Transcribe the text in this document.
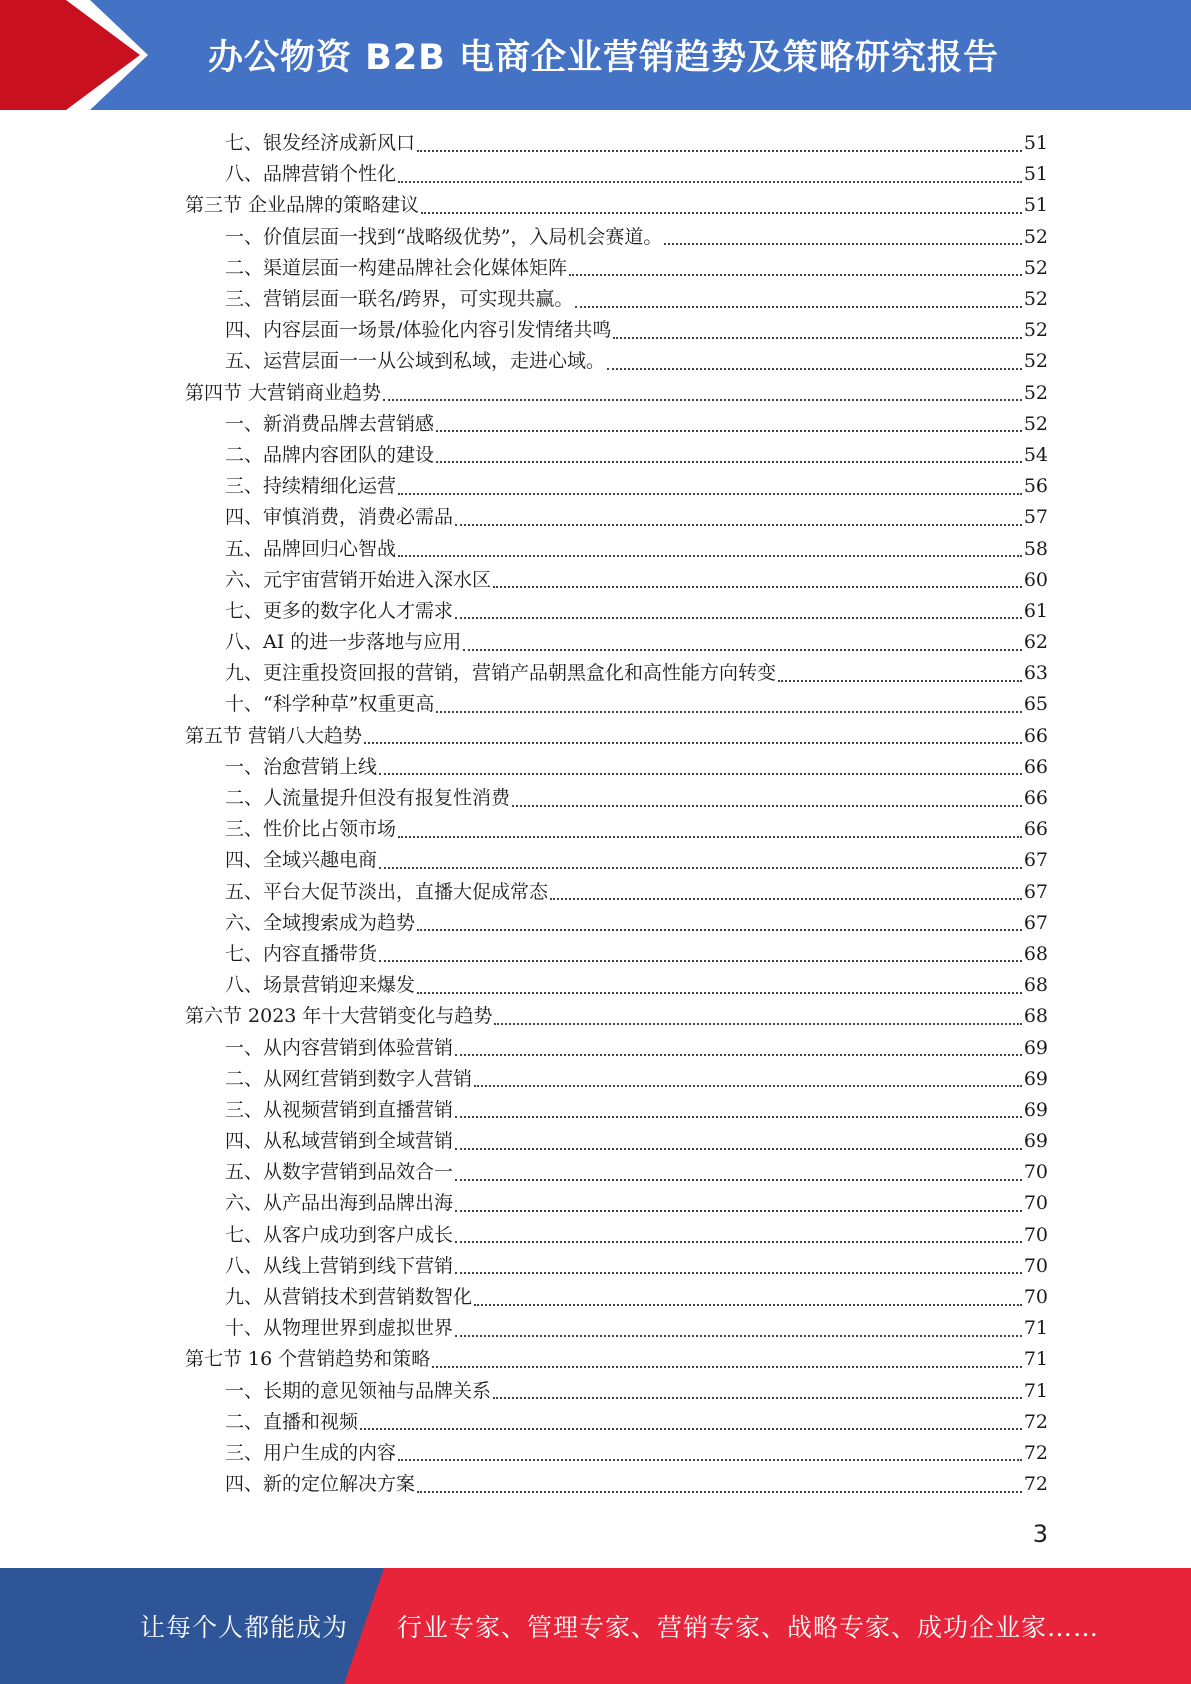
办公物资 B2B 电商企业营销趋势及策略研究报告
七、银发经济成新风口	51
八、品牌营销个性化	51
第三节 企业品牌的策略建议	51
一、价值层面一找到“战略级优势”，入局机会赛道。	52
二、渠道层面一构建品牌社会化媒体矩阵	52
三、营销层面一联名/跨界，可实现共赢。	52
四、内容层面一场景/体验化内容引发情绪共鸣	52
五、运营层面一一从公域到私域，走进心域。	52
第四节 大营销商业趋势	52
一、新消费品牌去营销感	52
二、品牌内容团队的建设	54
三、持续精细化运营	56
四、审慎消费，消费必需品	57
五、品牌回归心智战	58
六、元宇宙营销开始进入深水区	60
七、更多的数字化人才需求	61
八、AI 的进一步落地与应用	62
九、更注重投资回报的营销，营销产品朝黑盒化和高性能方向转变	63
十、“科学种草”权重更高	65
第五节 营销八大趋势	66
一、治愈营销上线	66
二、人流量提升但没有报复性消费	66
三、性价比占领市场	66
四、全域兴趣电商	67
五、平台大促节淡出，直播大促成常态	67
六、全域搜索成为趋势	67
七、内容直播带货	68
八、场景营销迎来爆发	68
第六节 2023 年十大营销变化与趋势	68
一、从内容营销到体验营销	69
二、从网红营销到数字人营销	69
三、从视频营销到直播营销	69
四、从私域营销到全域营销	69
五、从数字营销到品效合一	70
六、从产品出海到品牌出海	70
七、从客户成功到客户成长	70
八、从线上营销到线下营销	70
九、从营销技术到营销数智化	70
十、从物理世界到虚拟世界	71
第七节 16 个营销趋势和策略	71
一、长期的意见领袖与品牌关系	71
二、直播和视频	72
三、用户生成的内容	72
四、新的定位解决方案	72
3
让每个人都能成为 行业专家、管理专家、营销专家、战略专家、成功企业家……
